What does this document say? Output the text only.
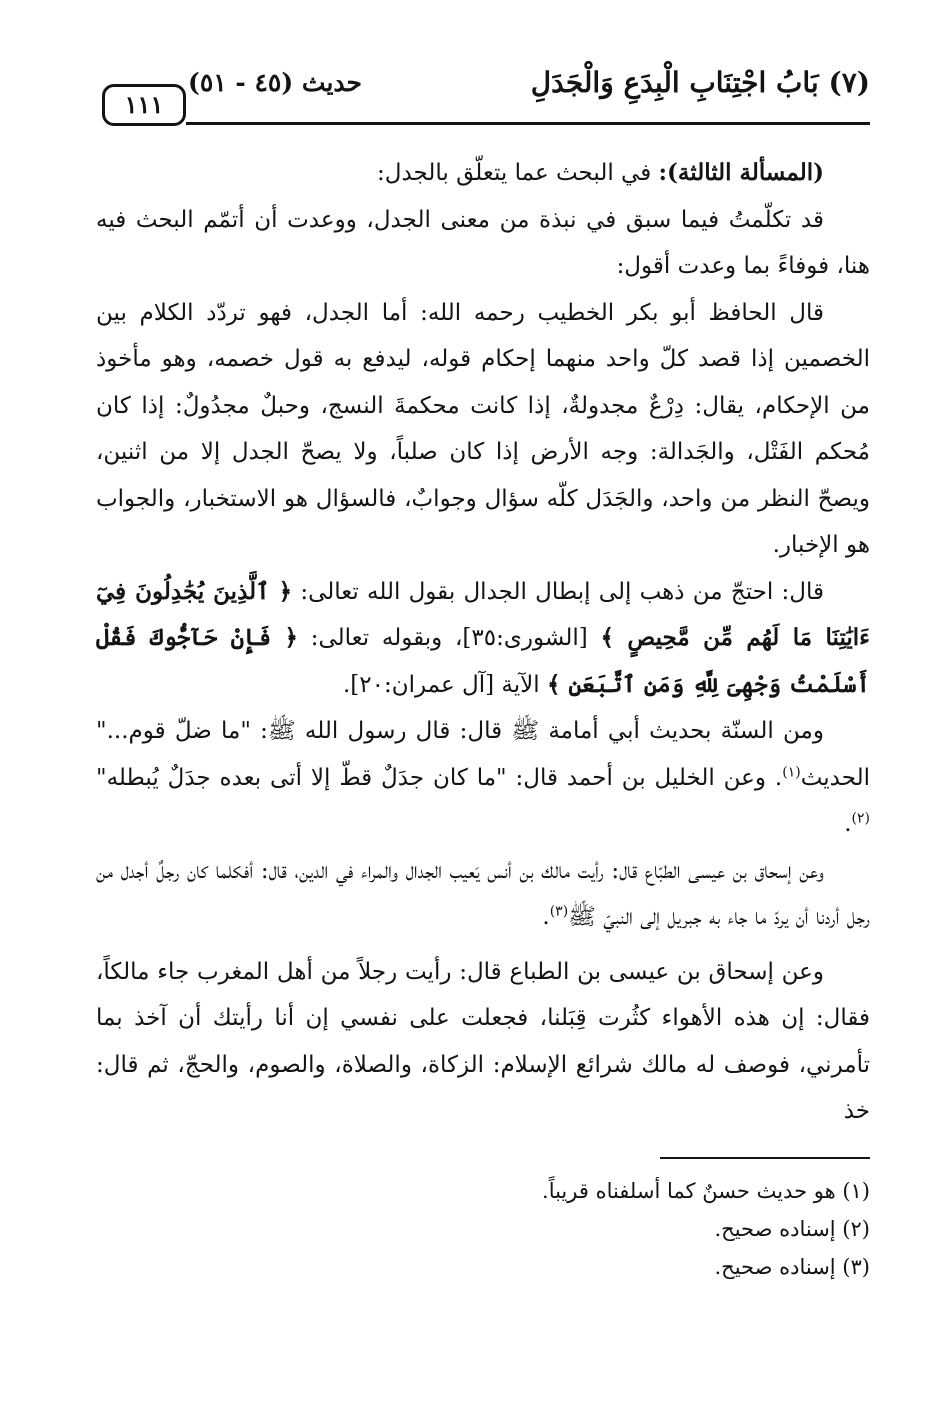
(٧) بَابُ اجْتِنَابِ الْبِدَعِ وَالْجَدَلِ
حديث (٤٥ - ٥١)
١١١

(المسألة الثالثة): في البحث عما يتعلّق بالجدل:

قد تكلّمتُ فيما سبق في نبذة من معنى الجدل، ووعدت أن أتمّم البحث فيه هنا، فوفاءً بما وعدت أقول:

قال الحافظ أبو بكر الخطيب رحمه الله: أما الجدل، فهو تردّد الكلام بين الخصمين إذا قصد كلّ واحد منهما إحكام قوله، ليدفع به قول خصمه، وهو مأخوذ من الإحكام، يقال: دِرْعٌ مجدولةٌ، إذا كانت محكمةَ النسج، وحبلٌ مجدُولٌ: إذا كان مُحكم الفَتْل، والجَدالة: وجه الأرض إذا كان صلباً، ولا يصحّ الجدل إلا من اثنين، ويصحّ النظر من واحد، والجَدَل كلّه سؤال وجوابٌ، فالسؤال هو الاستخبار، والجواب هو الإخبار.

قال: احتجّ من ذهب إلى إبطال الجدال بقول الله تعالى: ﴿ ٱلَّذِينَ يُجَٰدِلُونَ فِيٓ ءَايَٰتِنَا مَا لَهُم مِّن مَّحِيصٍ ﴾ [الشورى:٣٥]، وبقوله تعالى: ﴿ فَإِنْ حَآجُّوكَ فَقُلْ أَسْلَمْتُ وَجْهِىَ لِلَّهِ وَمَنِ ٱتَّبَعَنِ ﴾ الآية [آل عمران:٢٠].

ومن السنّة بحديث أبي أمامة ﷺ قال: قال رسول الله ﷺ: "ما ضلّ قوم..." الحديث$^{(١)}$. وعن الخليل بن أحمد قال: "ما كان جدَلٌ قطّ إلا أتى بعده جدَلٌ يُبطله"$^{(٢)}$.

وعن إسحاق بن عيسى الطبّاع قال: رأيت مالك بن أنس يَعيب الجدال والمراء في الدين، قال: أفكلما كان رجلٌ أجدل من رجل أردنا أن يردّ ما جاء به جبريل إلى النبيّ ﷺ$^{(٣)}$.

وعن إسحاق بن عيسى بن الطباع قال: رأيت رجلاً من أهل المغرب جاء مالكاً، فقال: إن هذه الأهواء كثُرت قِبَلنا، فجعلت على نفسي إن أنا رأيتك أن آخذ بما تأمرني، فوصف له مالك شرائع الإسلام: الزكاة، والصلاة، والصوم، والحجّ، ثم قال: خذ

(١) هو حديث حسنٌ كما أسلفناه قريباً.

(٢) إسناده صحيح.

(٣) إسناده صحيح.
